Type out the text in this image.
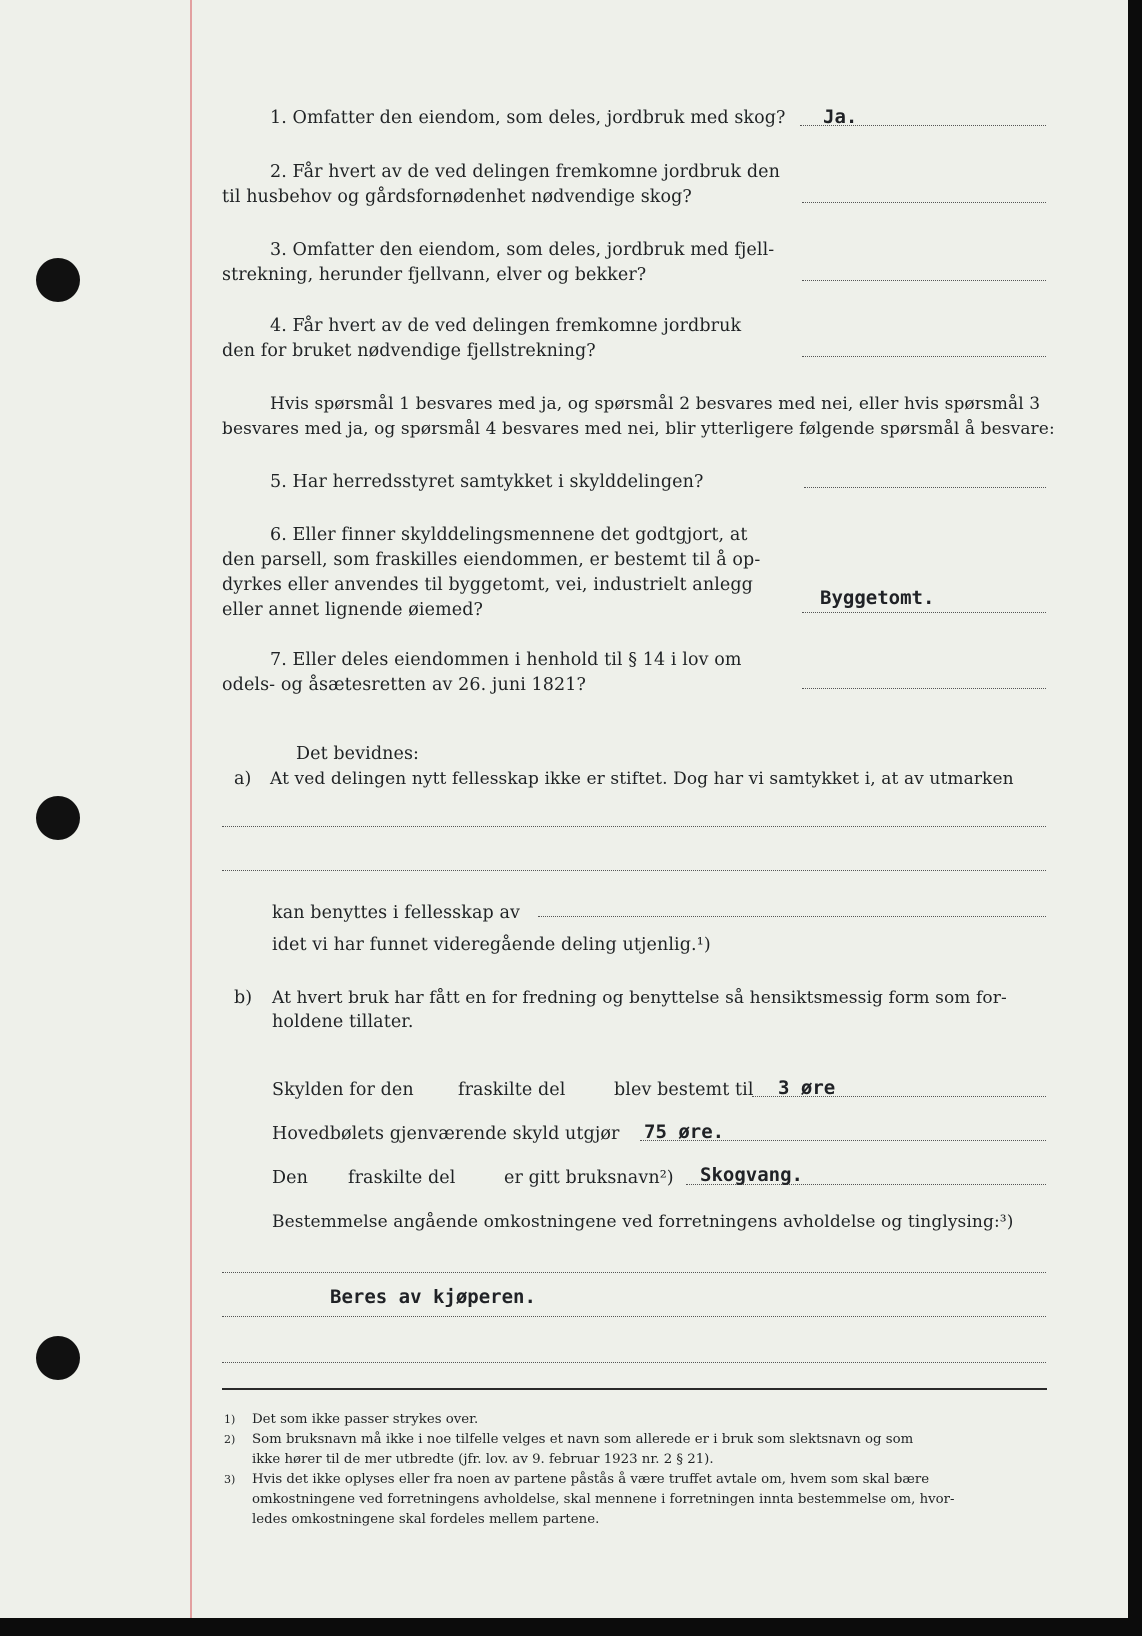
1. Omfatter den eiendom, som deles, jordbruk med skog? Ja.
2. Får hvert av de ved delingen fremkomne jordbruk den
til husbehov og gårdsfornødenhet nødvendige skog?
3. Omfatter den eiendom, som deles, jordbruk med fjell-
strekning, herunder fjellvann, elver og bekker?
4. Får hvert av de ved delingen fremkomne jordbruk
den for bruket nødvendige fjellstrekning?
Hvis spørsmål 1 besvares med ja, og spørsmål 2 besvares med nei, eller hvis spørsmål 3
besvares med ja, og spørsmål 4 besvares med nei, blir ytterligere følgende spørsmål å besvare:
5. Har herredsstyret samtykket i skylddelingen?
6. Eller finner skylddelingsmennene det godtgjort, at
den parsell, som fraskilles eiendommen, er bestemt til å op-
dyrkes eller anvendes til byggetomt, vei, industrielt anlegg
eller annet lignende øiemed?
Byggetomt.
7. Eller deles eiendommen i henhold til § 14 i lov om
odels- og åsætesretten av 26. juni 1821?
Det bevidnes:
a) At ved delingen nytt fellesskap ikke er stiftet. Dog har vi samtykket i, at av utmarken
kan benyttes i fellesskap av
idet vi har funnet videregående deling utjenlig.¹)
b) At hvert bruk har fått en for fredning og benyttelse så hensiktsmessig form som for-
holdene tillater.
Skylden for den	fraskilte del	blev bestemt til 3 øre
Hovedbølets gjenværende skyld utgjør 75 øre.
Den fraskilte del	er gitt bruksnavn²) Skogvang.
Bestemmelse angående omkostningene ved forretningens avholdelse og tinglysing:³)
Beres av kjøperen.
1) Det som ikke passer strykes over.
2) Som bruksnavn må ikke i noe tilfelle velges et navn som allerede er i bruk som slektsnavn og som
ikke hører til de mer utbredte (jfr. lov. av 9. februar 1923 nr. 2 § 21).
3) Hvis det ikke oplyses eller fra noen av partene påstås å være truffet avtale om, hvem som skal bære
omkostningene ved forretningens avholdelse, skal mennene i forretningen innta bestemmelse om, hvor-
ledes omkostningene skal fordeles mellem partene.
